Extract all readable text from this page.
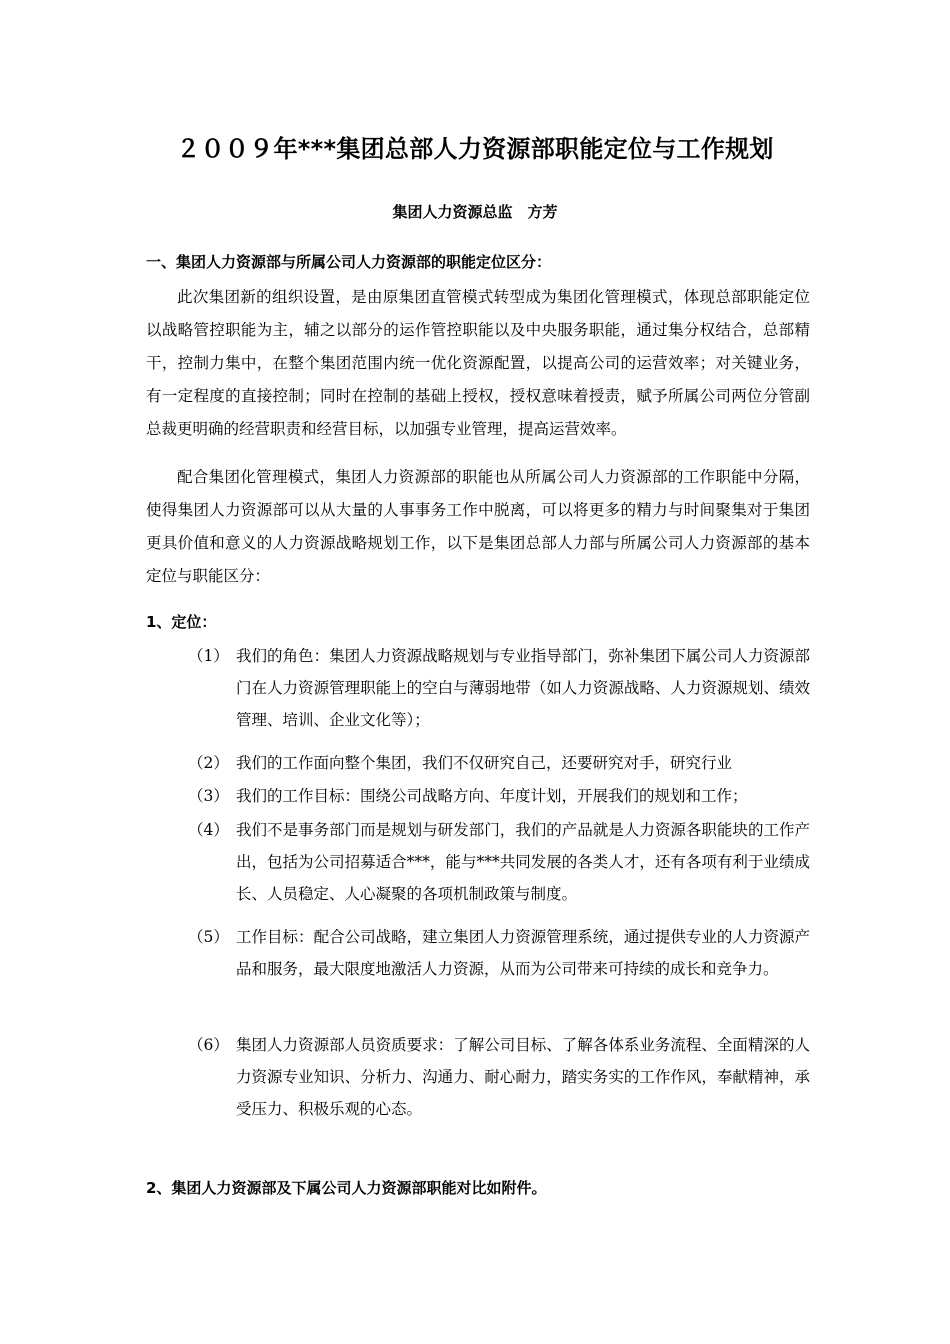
２００９年***集团总部人力资源部职能定位与工作规划
集团人力资源总监　方芳
一、集团人力资源部与所属公司人力资源部的职能定位区分：
此次集团新的组织设置，是由原集团直管模式转型成为集团化管理模式，体现总部职能定位以战略管控职能为主，辅之以部分的运作管控职能以及中央服务职能，通过集分权结合，总部精干，控制力集中，在整个集团范围内统一优化资源配置，以提高公司的运营效率；对关键业务，有一定程度的直接控制；同时在控制的基础上授权，授权意味着授责，赋予所属公司两位分管副总裁更明确的经营职责和经营目标，以加强专业管理，提高运营效率。
配合集团化管理模式，集团人力资源部的职能也从所属公司人力资源部的工作职能中分隔，使得集团人力资源部可以从大量的人事事务工作中脱离，可以将更多的精力与时间聚集对于集团更具价值和意义的人力资源战略规划工作，以下是集团总部人力部与所属公司人力资源部的基本定位与职能区分：
1、定位：
（1） 我们的角色：集团人力资源战略规划与专业指导部门，弥补集团下属公司人力资源部门在人力资源管理职能上的空白与薄弱地带（如人力资源战略、人力资源规划、绩效管理、培训、企业文化等）；
（2） 我们的工作面向整个集团，我们不仅研究自己，还要研究对手，研究行业
（3） 我们的工作目标：围绕公司战略方向、年度计划，开展我们的规划和工作；
（4） 我们不是事务部门而是规划与研发部门，我们的产品就是人力资源各职能块的工作产出，包括为公司招募适合***，能与***共同发展的各类人才，还有各项有利于业绩成长、人员稳定、人心凝聚的各项机制政策与制度。
（5） 工作目标：配合公司战略，建立集团人力资源管理系统，通过提供专业的人力资源产品和服务，最大限度地激活人力资源，从而为公司带来可持续的成长和竞争力。
（6） 集团人力资源部人员资质要求：了解公司目标、了解各体系业务流程、全面精深的人力资源专业知识、分析力、沟通力、耐心耐力，踏实务实的工作作风，奉献精神，承受压力、积极乐观的心态。
2、集团人力资源部及下属公司人力资源部职能对比如附件。
